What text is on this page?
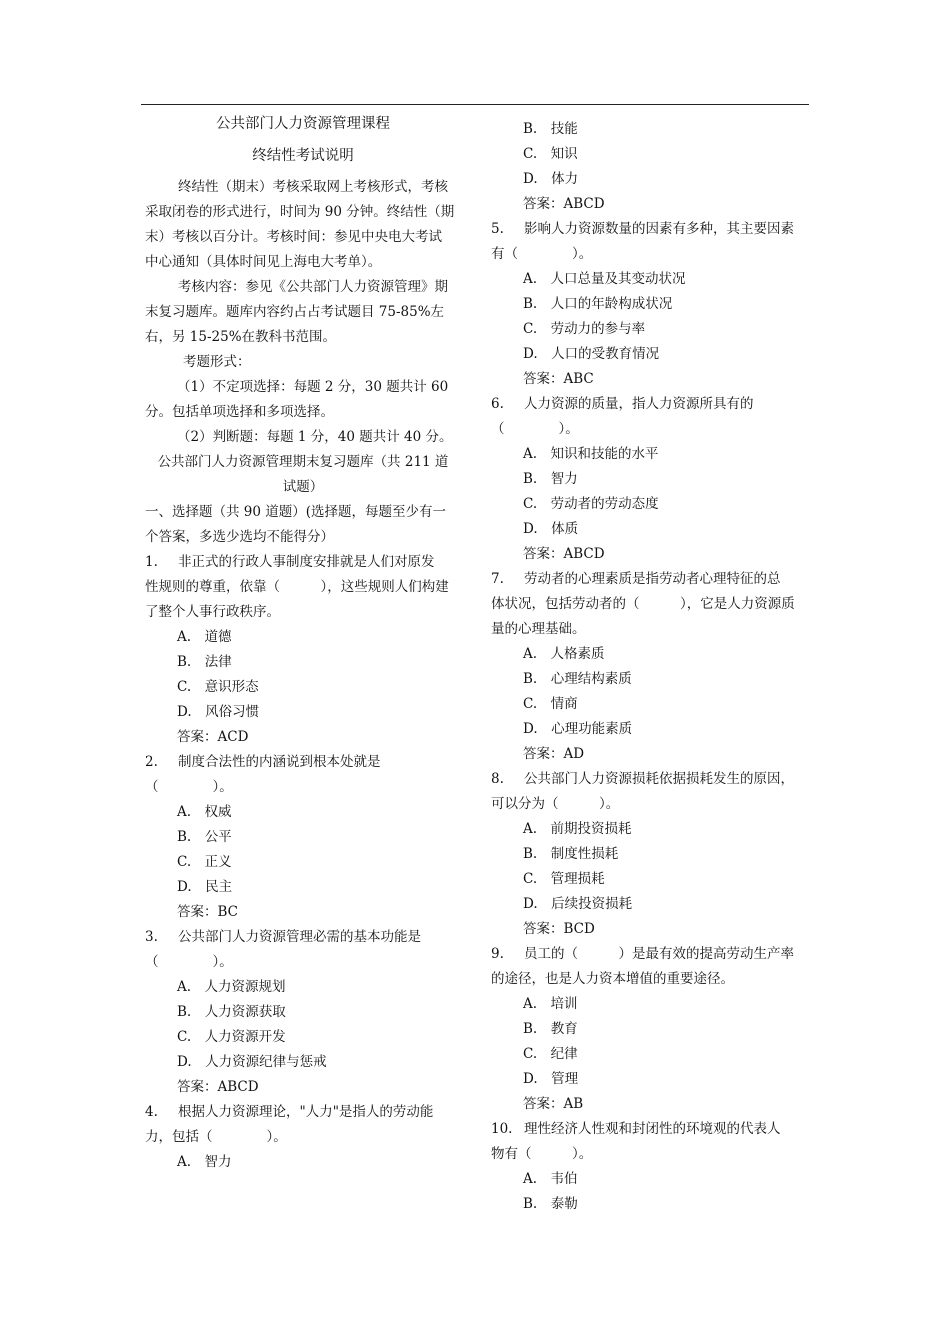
公共部门人力资源管理课程
终结性考试说明
终结性（期末）考核采取网上考核形式，考核
采取闭卷的形式进行，时间为 90 分钟。终结性（期
末）考核以百分计。考核时间：参见中央电大考试
中心通知（具体时间见上海电大考单）。
考核内容：参见《公共部门人力资源管理》期
末复习题库。题库内容约占占考试题目 75-85%左
右，另 15-25%在教科书范围。
考题形式：
（1）不定项选择：每题 2 分，30 题共计 60
分。包括单项选择和多项选择。
（2）判断题：每题 1 分，40 题共计 40 分。
公共部门人力资源管理期末复习题库（共 211 道
试题）
一、选择题（共 90 道题）(选择题，每题至少有一
个答案，多选少选均不能得分）
1. 非正式的行政人事制度安排就是人们对原发
性规则的尊重，依靠（　　　），这些规则人们构建
了整个人事行政秩序。
A.　道德
B.　法律
C.　意识形态
D.　风俗习惯
答案：ACD
2. 制度合法性的内涵说到根本处就是
（　　　　）。
A.　权威
B.　公平
C.　正义
D.　民主
答案：BC
3. 公共部门人力资源管理必需的基本功能是
（　　　　）。
A.　人力资源规划
B.　人力资源获取
C.　人力资源开发
D.　人力资源纪律与惩戒
答案：ABCD
4. 根据人力资源理论，"人力"是指人的劳动能
力，包括（　　　　）。
A.　智力
B.　技能
C.　知识
D.　体力
答案：ABCD
5. 影响人力资源数量的因素有多种，其主要因素
有（　　　　）。
A.　人口总量及其变动状况
B.　人口的年龄构成状况
C.　劳动力的参与率
D.　人口的受教育情况
答案：ABC
6. 人力资源的质量，指人力资源所具有的
（　　　　）。
A.　知识和技能的水平
B.　智力
C.　劳动者的劳动态度
D.　体质
答案：ABCD
7. 劳动者的心理素质是指劳动者心理特征的总
体状况，包括劳动者的（　　　），它是人力资源质
量的心理基础。
A.　人格素质
B.　心理结构素质
C.　情商
D.　心理功能素质
答案：AD
8. 公共部门人力资源损耗依据损耗发生的原因，
可以分为（　　　）。
A.　前期投资损耗
B.　制度性损耗
C.　管理损耗
D.　后续投资损耗
答案：BCD
9. 员工的（　　　）是最有效的提高劳动生产率
的途径，也是人力资本增值的重要途径。
A.　培训
B.　教育
C.　纪律
D.　管理
答案：AB
10. 理性经济人性观和封闭性的环境观的代表人
物有（　　　）。
A.　韦伯
B.　泰勒
